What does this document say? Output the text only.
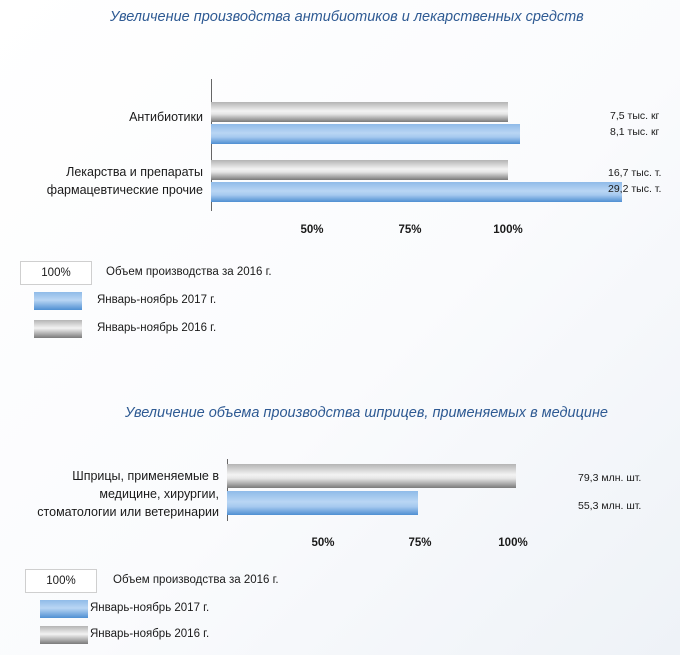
Увеличение производства антибиотиков и лекарственных средств
Антибиотики
Лекарства и препараты фармацевтические прочие
7,5 тыс. кг
8,1 тыс. кг
16,7 тыс. т.
29,2 тыс. т.
50%	75%	100%
100%	Объем производства за 2016 г.
Январь-ноябрь 2017 г.
Январь-ноябрь 2016 г.
Увеличение объема производства шприцев, применяемых в медицине
Шприцы, применяемые в медицине, хирургии, стоматологии или ветеринарии
79,3 млн. шт.
55,3 млн. шт.
50%	75%	100%
100%	Объем производства за 2016 г.
Январь-ноябрь 2017 г.
Январь-ноябрь 2016 г.
